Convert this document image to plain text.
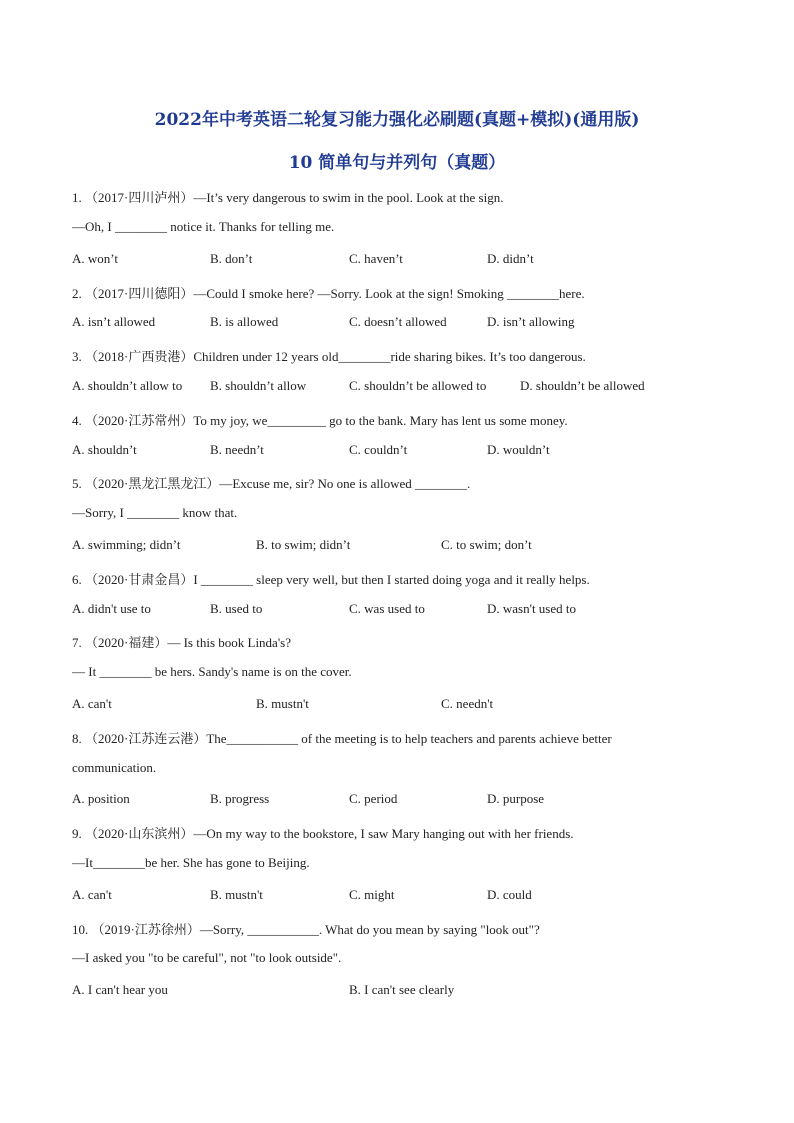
2022年中考英语二轮复习能力强化必刷题(真题+模拟)(通用版)
10 简单句与并列句（真题）
1. （2017·四川泸州）—It’s very dangerous to swim in the pool. Look at the sign.
—Oh, I ________ notice it. Thanks for telling me.
A. won’t	B. don’t	C. haven’t	D. didn’t
2. （2017·四川德阳）—Could I smoke here? —Sorry. Look at the sign! Smoking ________here.
A. isn’t allowed	B. is allowed	C. doesn’t allowed	D. isn’t allowing
3. （2018·广西贵港）Children under 12 years old________ride sharing bikes. It’s too dangerous.
A. shouldn’t allow to B. shouldn’t allow	C. shouldn’t be allowed to	D. shouldn’t be allowed
4. （2020·江苏常州）To my joy, we_________ go to the bank. Mary has lent us some money.
A. shouldn’t	B. needn’t	C. couldn’t	D. wouldn’t
5. （2020·黑龙江黑龙江）—Excuse me, sir? No one is allowed ________.
—Sorry, I ________ know that.
A. swimming; didn’t	B. to swim; didn’t	C. to swim; don’t
6. （2020·甘肃金昌）I ________ sleep very well, but then I started doing yoga and it really helps.
A. didn't use to	B. used to	C. was used to	D. wasn't used to
7. （2020·福建）— Is this book Linda's?
— It ________ be hers. Sandy's name is on the cover.
A. can't	B. mustn't	C. needn't
8. （2020·江苏连云港）The___________ of the meeting is to help teachers and parents achieve better
communication.
A. position	B. progress	C. period	D. purpose
9. （2020·山东滨州）—On my way to the bookstore, I saw Mary hanging out with her friends.
—It________be her. She has gone to Beijing.
A. can't	B. mustn't	C. might	D. could
10. （2019·江苏徐州）—Sorry, ___________. What do you mean by saying "look out"?
—I asked you "to be careful", not "to look outside".
A. I can't hear you	B. I can't see clearly
